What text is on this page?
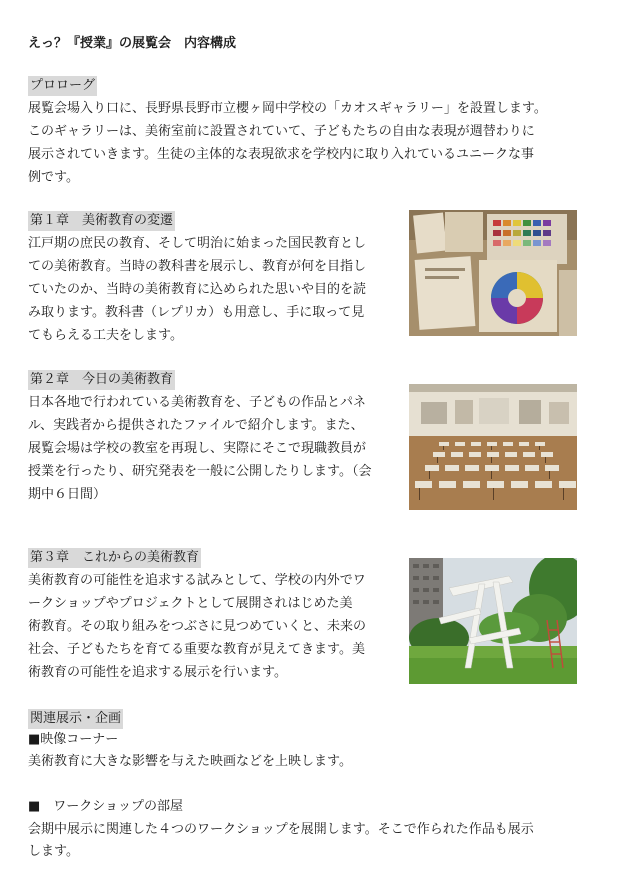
えっ？『授業』の展覧会　内容構成
プロローグ
展覧会場入り口に、長野県長野市立櫻ヶ岡中学校の「カオスギャラリー」を設置します。
このギャラリーは、美術室前に設置されていて、子どもたちの自由な表現が週替わりに
展示されていきます。生徒の主体的な表現欲求を学校内に取り入れているユニークな事
例です。
第１章　美術教育の変遷
江戸期の庶民の教育、そして明治に始まった国民教育とし
ての美術教育。当時の教科書を展示し、教育が何を目指し
ていたのか、当時の美術教育に込められた思いや目的を読
み取ります。教科書（レプリカ）も用意し、手に取って見
てもらえる工夫をします。
第２章　今日の美術教育
日本各地で行われている美術教育を、子どもの作品とパネ
ル、実践者から提供されたファイルで紹介します。また、
展覧会場は学校の教室を再現し、実際にそこで現職教員が
授業を行ったり、研究発表を一般に公開したりします。（会
期中６日間）
第３章　これからの美術教育
美術教育の可能性を追求する試みとして、学校の内外でワ
ークショップやプロジェクトとして展開されはじめた美
術教育。その取り組みをつぶさに見つめていくと、未来の
社会、子どもたちを育てる重要な教育が見えてきます。美
術教育の可能性を追求する展示を行います。
関連展示・企画
■映像コーナー
美術教育に大きな影響を与えた映画などを上映します。
■　ワークショップの部屋
会期中展示に関連した４つのワークショップを展開します。そこで作られた作品も展示
します。
